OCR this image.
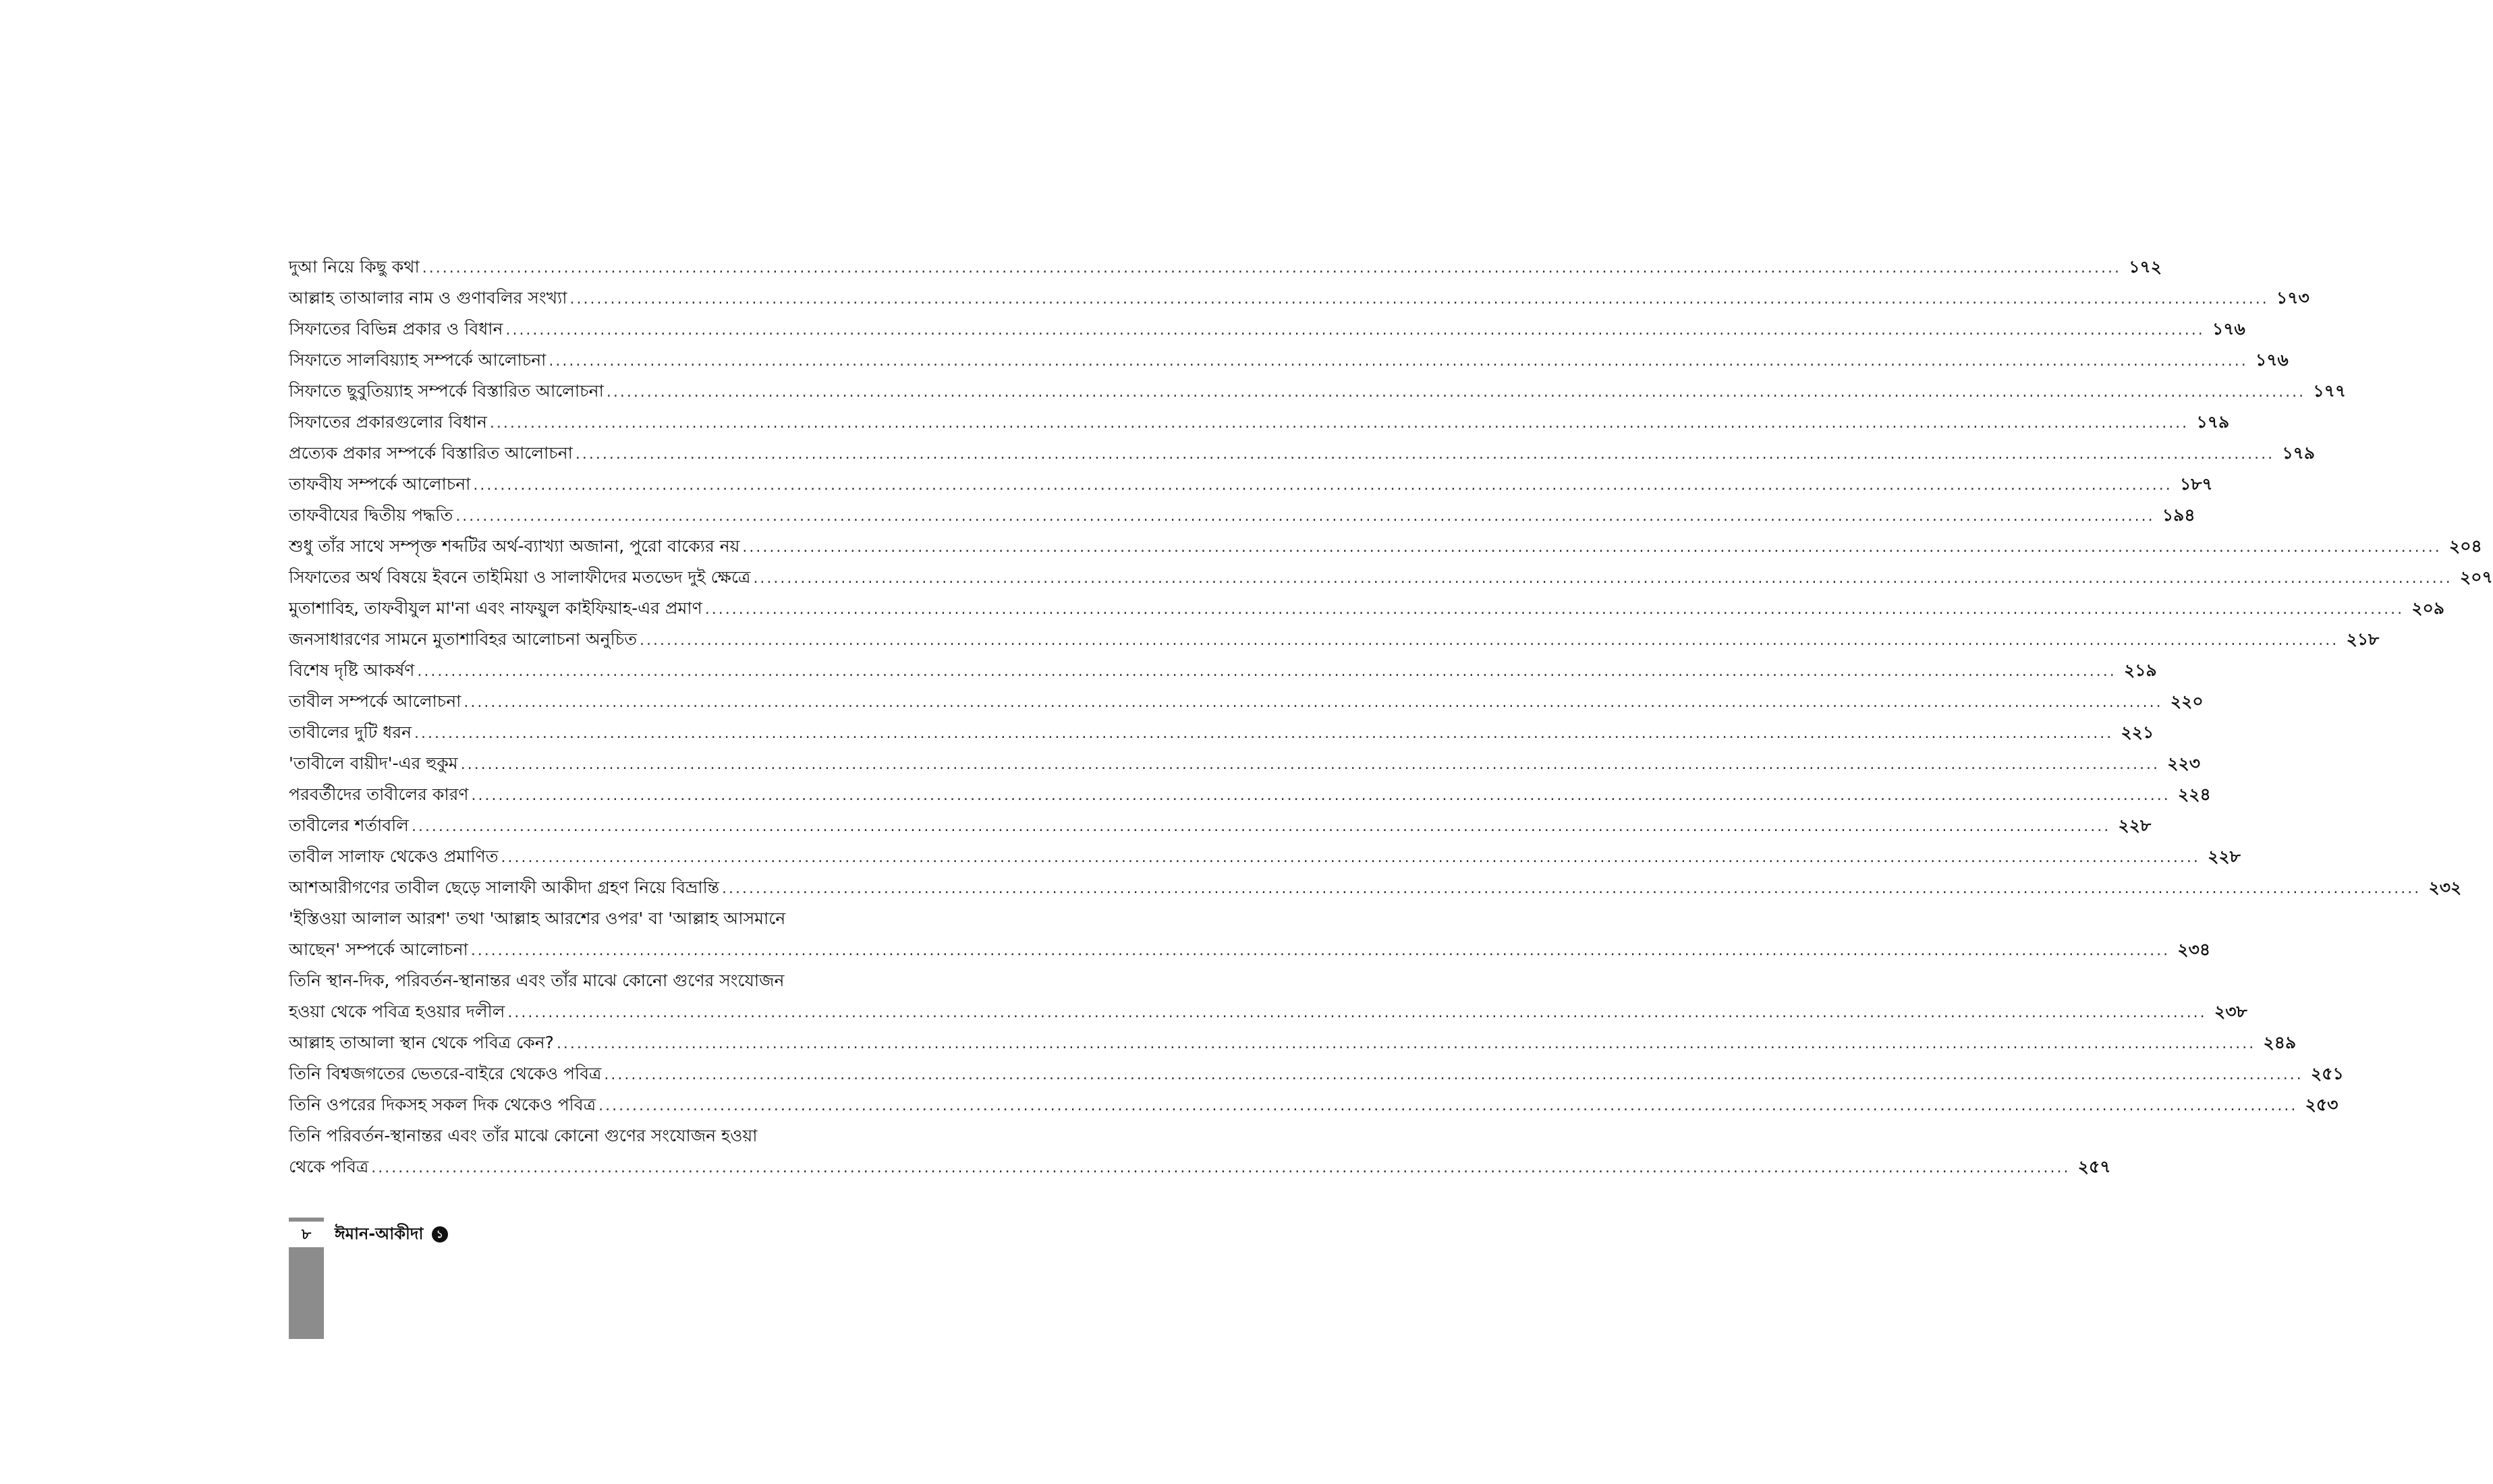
দুআ নিয়ে কিছু কথা .....	১৭২
আল্লাহ তাআলার নাম ও গুণাবলির সংখ্যা .....	১৭৩
সিফাতের বিভিন্ন প্রকার ও বিধান .....	১৭৬
সিফাতে সালবিয়্যাহ সম্পর্কে আলোচনা .....	১৭৬
সিফাতে ছুবুতিয়্যাহ সম্পর্কে বিস্তারিত আলোচনা .....	১৭৭
সিফাতের প্রকারগুলোর বিধান .....	১৭৯
প্রত্যেক প্রকার সম্পর্কে বিস্তারিত আলোচনা .....	১৭৯
তাফবীয সম্পর্কে আলোচনা .....	১৮৭
তাফবীযের দ্বিতীয় পদ্ধতি .....	১৯৪
শুধু তাঁর সাথে সম্পৃক্ত শব্দটির অর্থ-ব্যাখ্যা অজানা, পুরো বাক্যের নয় .....	২০৪
সিফাতের অর্থ বিষয়ে ইবনে তাইমিয়া ও সালাফীদের মতভেদ দুই ক্ষেত্রে .....	২০৭
মুতাশাবিহ, তাফবীযুল মা'না এবং নাফয়ুল কাইফিয়াহ-এর প্রমাণ .....	২০৯
জনসাধারণের সামনে মুতাশাবিহর আলোচনা অনুচিত .....	২১৮
বিশেষ দৃষ্টি আকর্ষণ .....	২১৯
তাবীল সম্পর্কে আলোচনা .....	২২০
তাবীলের দুটি ধরন .....	২২১
'তাবীলে বায়ীদ'-এর হুকুম .....	২২৩
পরবর্তীদের তাবীলের কারণ .....	২২৪
তাবীলের শর্তাবলি .....	২২৮
তাবীল সালাফ থেকেও প্রমাণিত .....	২২৮
আশআরীগণের তাবীল ছেড়ে সালাফী আকীদা গ্রহণ নিয়ে বিভ্রান্তি .....	২৩২
'ইস্তিওয়া আলাল আরশ' তথা 'আল্লাহ আরশের ওপর' বা 'আল্লাহ আসমানে
আছেন' সম্পর্কে আলোচনা .....	২৩৪
তিনি স্থান-দিক, পরিবর্তন-স্থানান্তর এবং তাঁর মাঝে কোনো গুণের সংযোজন
হওয়া থেকে পবিত্র হওয়ার দলীল .....	২৩৮
আল্লাহ তাআলা স্থান থেকে পবিত্র কেন? .....	২৪৯
তিনি বিশ্বজগতের ভেতরে-বাইরে থেকেও পবিত্র .....	২৫১
তিনি ওপরের দিকসহ সকল দিক থেকেও পবিত্র .....	২৫৩
তিনি পরিবর্তন-স্থানান্তর এবং তাঁর মাঝে কোনো গুণের সংযোজন হওয়া
থেকে পবিত্র .....	২৫৭
৮	ঈমান-আকীদা ১
